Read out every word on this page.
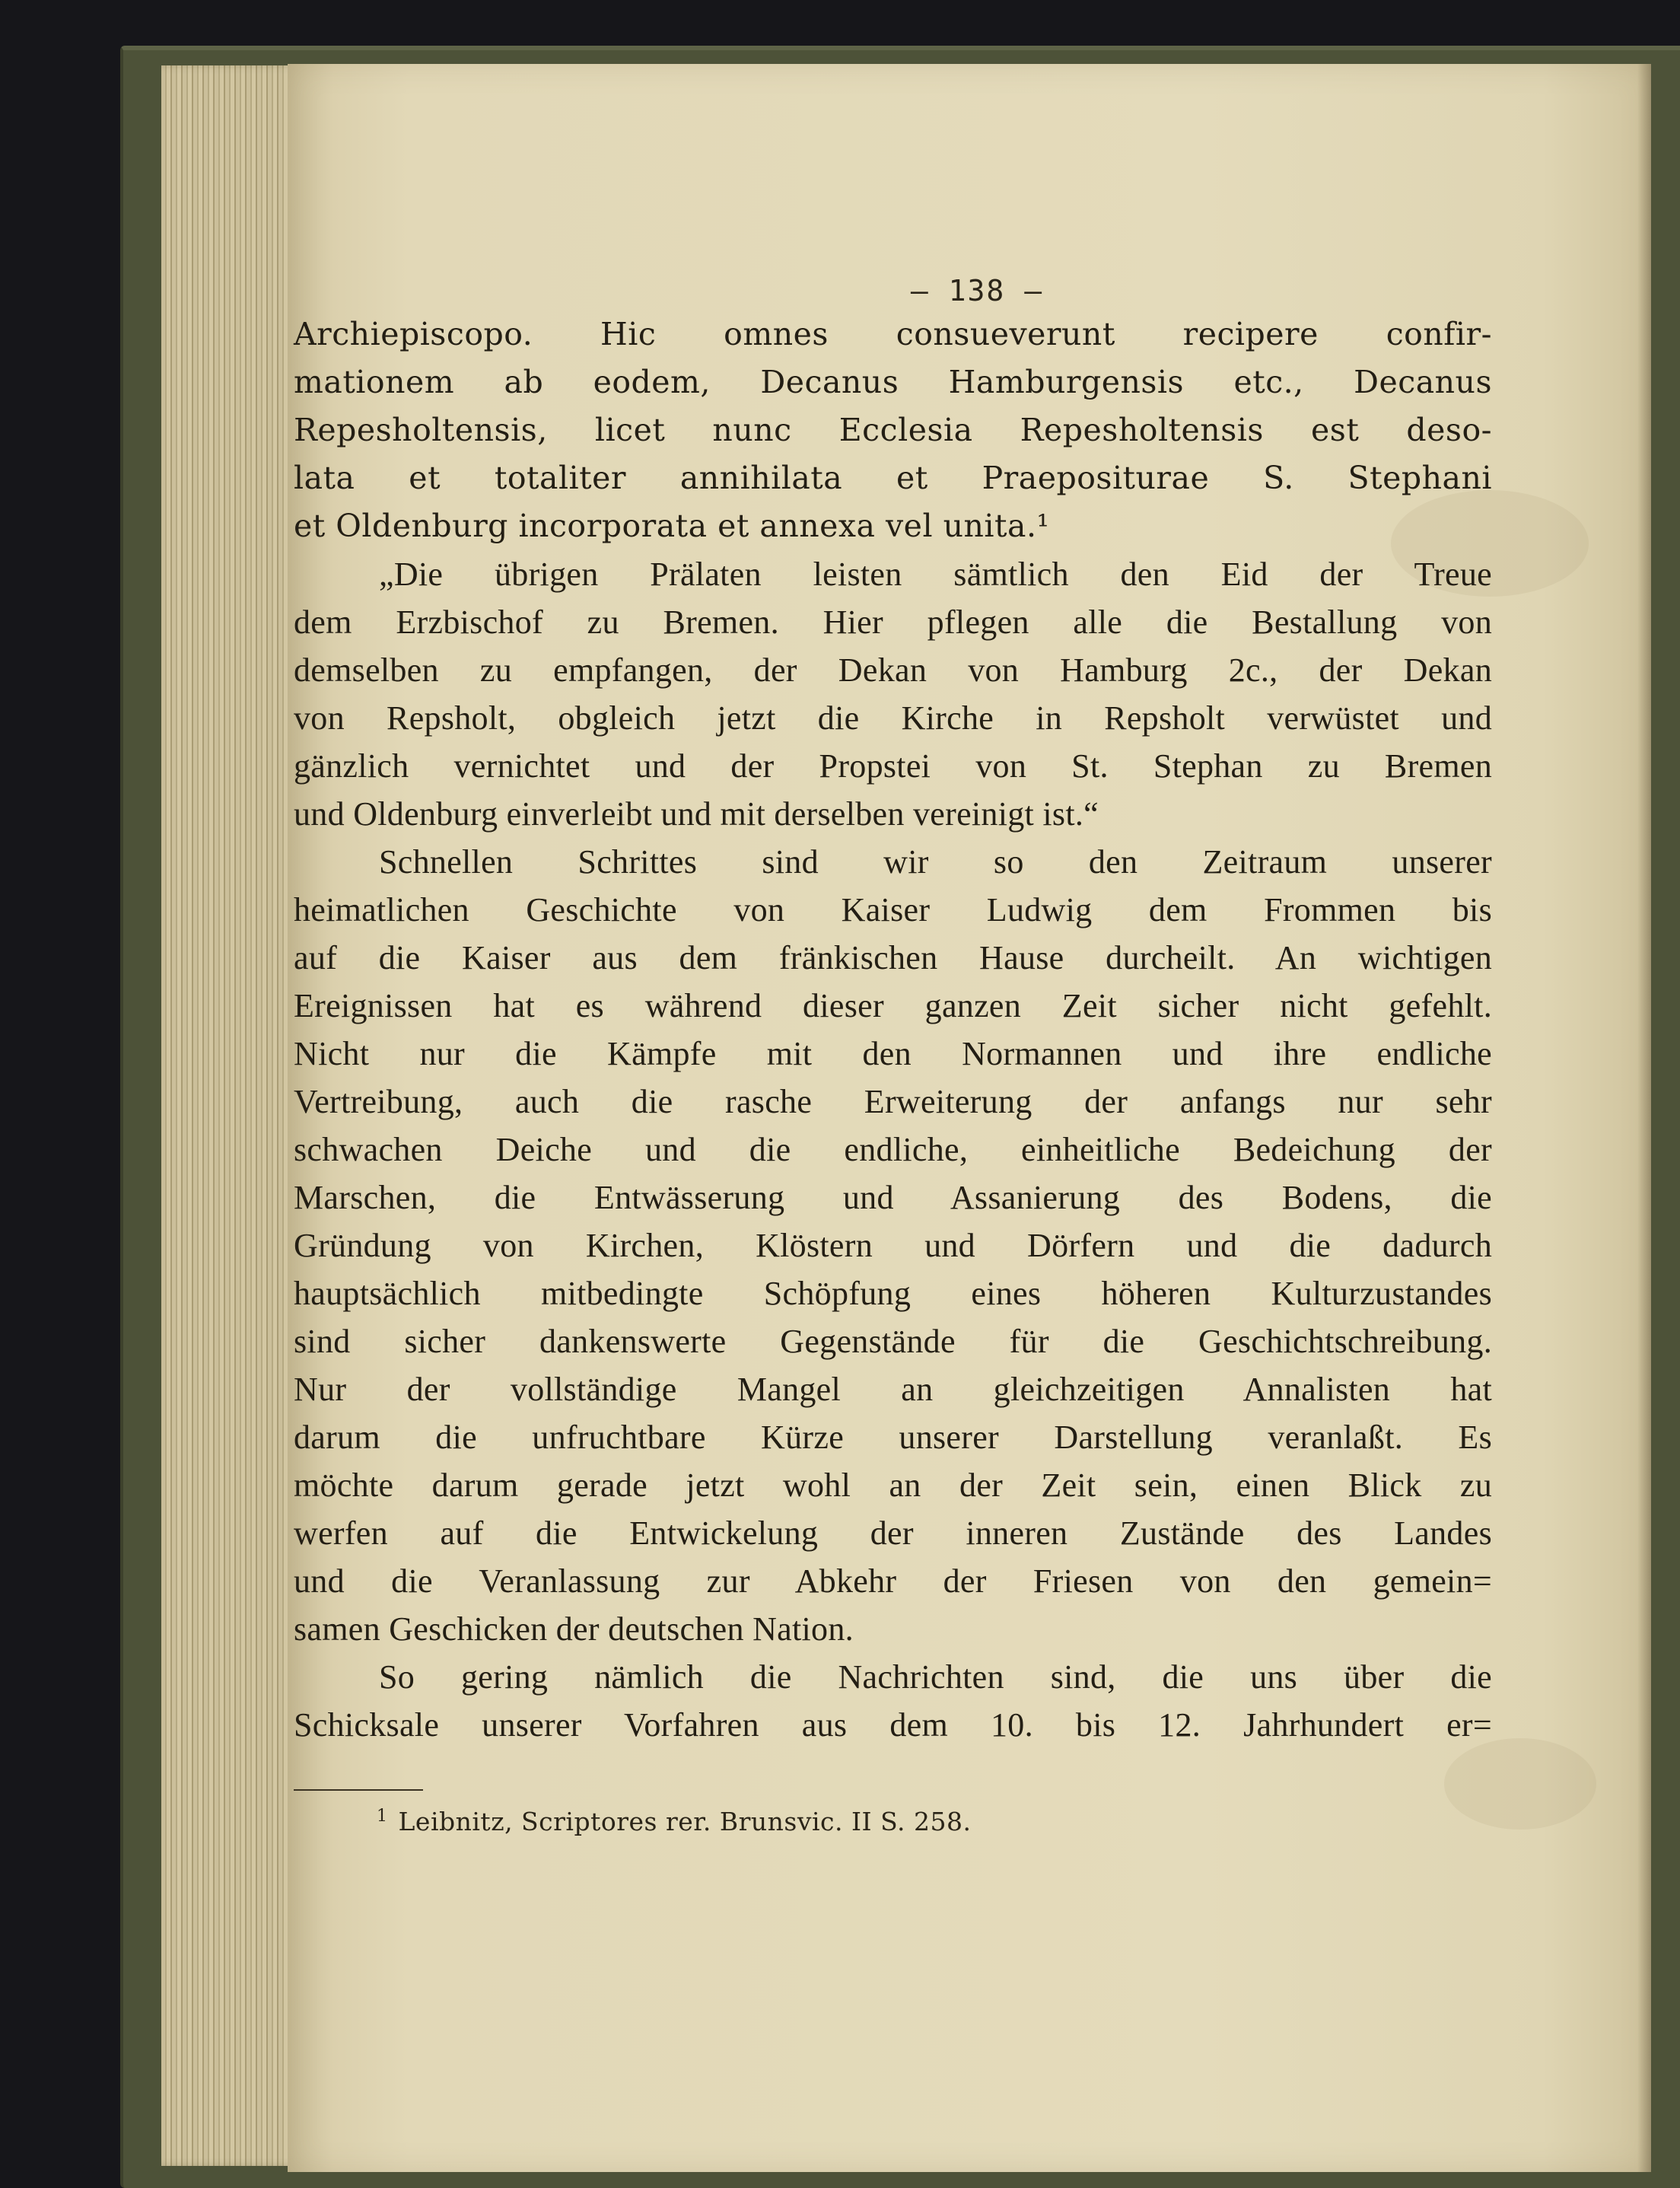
— 138 —
Archiepiscopo. Hic omnes consueverunt recipere confir-
mationem ab eodem, Decanus Hamburgensis etc., Decanus
Repesholtensis, licet nunc Ecclesia Repesholtensis est deso-
lata et totaliter annihilata et Praepositurae S. Stephani
et Oldenburg incorporata et annexa vel unita.¹
„Die übrigen Prälaten leisten sämtlich den Eid der Treue
dem Erzbischof zu Bremen. Hier pflegen alle die Bestallung von
demselben zu empfangen, der Dekan von Hamburg 2c., der Dekan
von Repsholt, obgleich jetzt die Kirche in Repsholt verwüstet und
gänzlich vernichtet und der Propstei von St. Stephan zu Bremen
und Oldenburg einverleibt und mit derselben vereinigt ist.“
Schnellen Schrittes sind wir so den Zeitraum unserer
heimatlichen Geschichte von Kaiser Ludwig dem Frommen bis
auf die Kaiser aus dem fränkischen Hause durcheilt. An wichtigen
Ereignissen hat es während dieser ganzen Zeit sicher nicht gefehlt.
Nicht nur die Kämpfe mit den Normannen und ihre endliche
Vertreibung, auch die rasche Erweiterung der anfangs nur sehr
schwachen Deiche und die endliche, einheitliche Bedeichung der
Marschen, die Entwässerung und Assanierung des Bodens, die
Gründung von Kirchen, Klöstern und Dörfern und die dadurch
hauptsächlich mitbedingte Schöpfung eines höheren Kulturzustandes
sind sicher dankenswerte Gegenstände für die Geschichtschreibung.
Nur der vollständige Mangel an gleichzeitigen Annalisten hat
darum die unfruchtbare Kürze unserer Darstellung veranlaßt. Es
möchte darum gerade jetzt wohl an der Zeit sein, einen Blick zu
werfen auf die Entwickelung der inneren Zustände des Landes
und die Veranlassung zur Abkehr der Friesen von den gemein=
samen Geschicken der deutschen Nation.
So gering nämlich die Nachrichten sind, die uns über die
Schicksale unserer Vorfahren aus dem 10. bis 12. Jahrhundert er=
$^1$ Leibnitz, Scriptores rer. Brunsvic. II S. 258.
